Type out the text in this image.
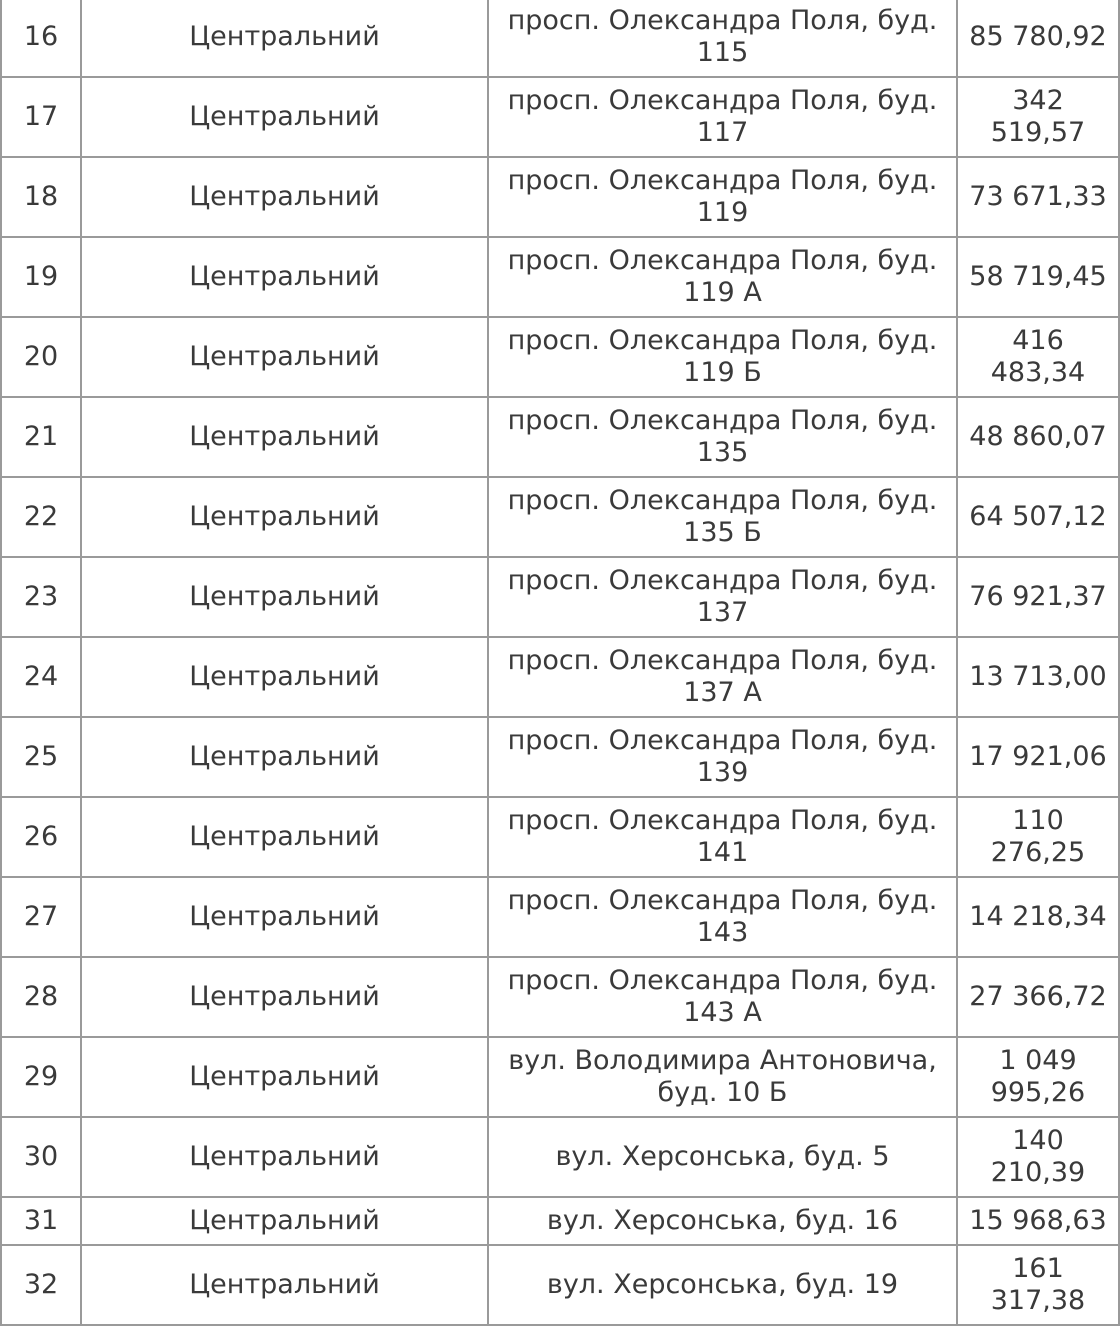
16	Центральний	просп. Олександра Поля, буд.
115	85 780,92

17	Центральний	просп. Олександра Поля, буд.
117	342
519,57

18	Центральний	просп. Олександра Поля, буд.
119	73 671,33

19	Центральний	просп. Олександра Поля, буд.
119 А	58 719,45

20	Центральний	просп. Олександра Поля, буд.
119 Б	416
483,34

21	Центральний	просп. Олександра Поля, буд.
135	48 860,07

22	Центральний	просп. Олександра Поля, буд.
135 Б	64 507,12

23	Центральний	просп. Олександра Поля, буд.
137	76 921,37

24	Центральний	просп. Олександра Поля, буд.
137 А	13 713,00

25	Центральний	просп. Олександра Поля, буд.
139	17 921,06

26	Центральний	просп. Олександра Поля, буд.
141	110
276,25

27	Центральний	просп. Олександра Поля, буд.
143	14 218,34

28	Центральний	просп. Олександра Поля, буд.
143 А	27 366,72

29	Центральний	вул. Володимира Антоновича,
буд. 10 Б	1 049
995,26

30	Центральний	вул. Херсонська, буд. 5	140
210,39

31	Центральний	вул. Херсонська, буд. 16	15 968,63

32	Центральний	вул. Херсонська, буд. 19	161
317,38
